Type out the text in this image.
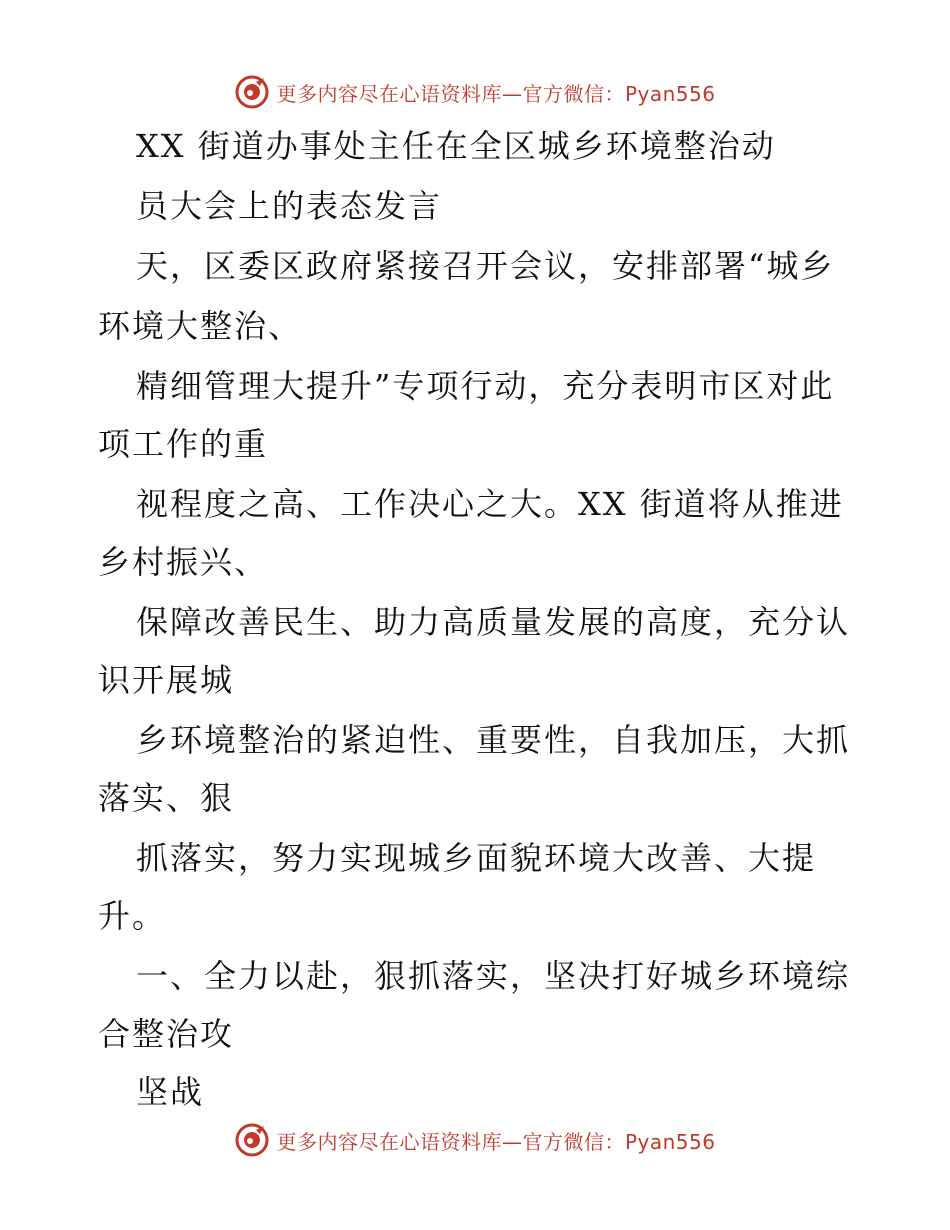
更多内容尽在心语资料库—官方微信：Pyan556
XX 街道办事处主任在全区城乡环境整治动
员大会上的表态发言
天，区委区政府紧接召开会议，安排部署“城乡
环境大整治、
精细管理大提升”专项行动，充分表明市区对此
项工作的重
视程度之高、工作决心之大。XX 街道将从推进
乡村振兴、
保障改善民生、助力高质量发展的高度，充分认
识开展城
乡环境整治的紧迫性、重要性，自我加压，大抓
落实、狠
抓落实，努力实现城乡面貌环境大改善、大提
升。
一、全力以赴，狠抓落实，坚决打好城乡环境综
合整治攻
坚战
更多内容尽在心语资料库—官方微信：Pyan556
